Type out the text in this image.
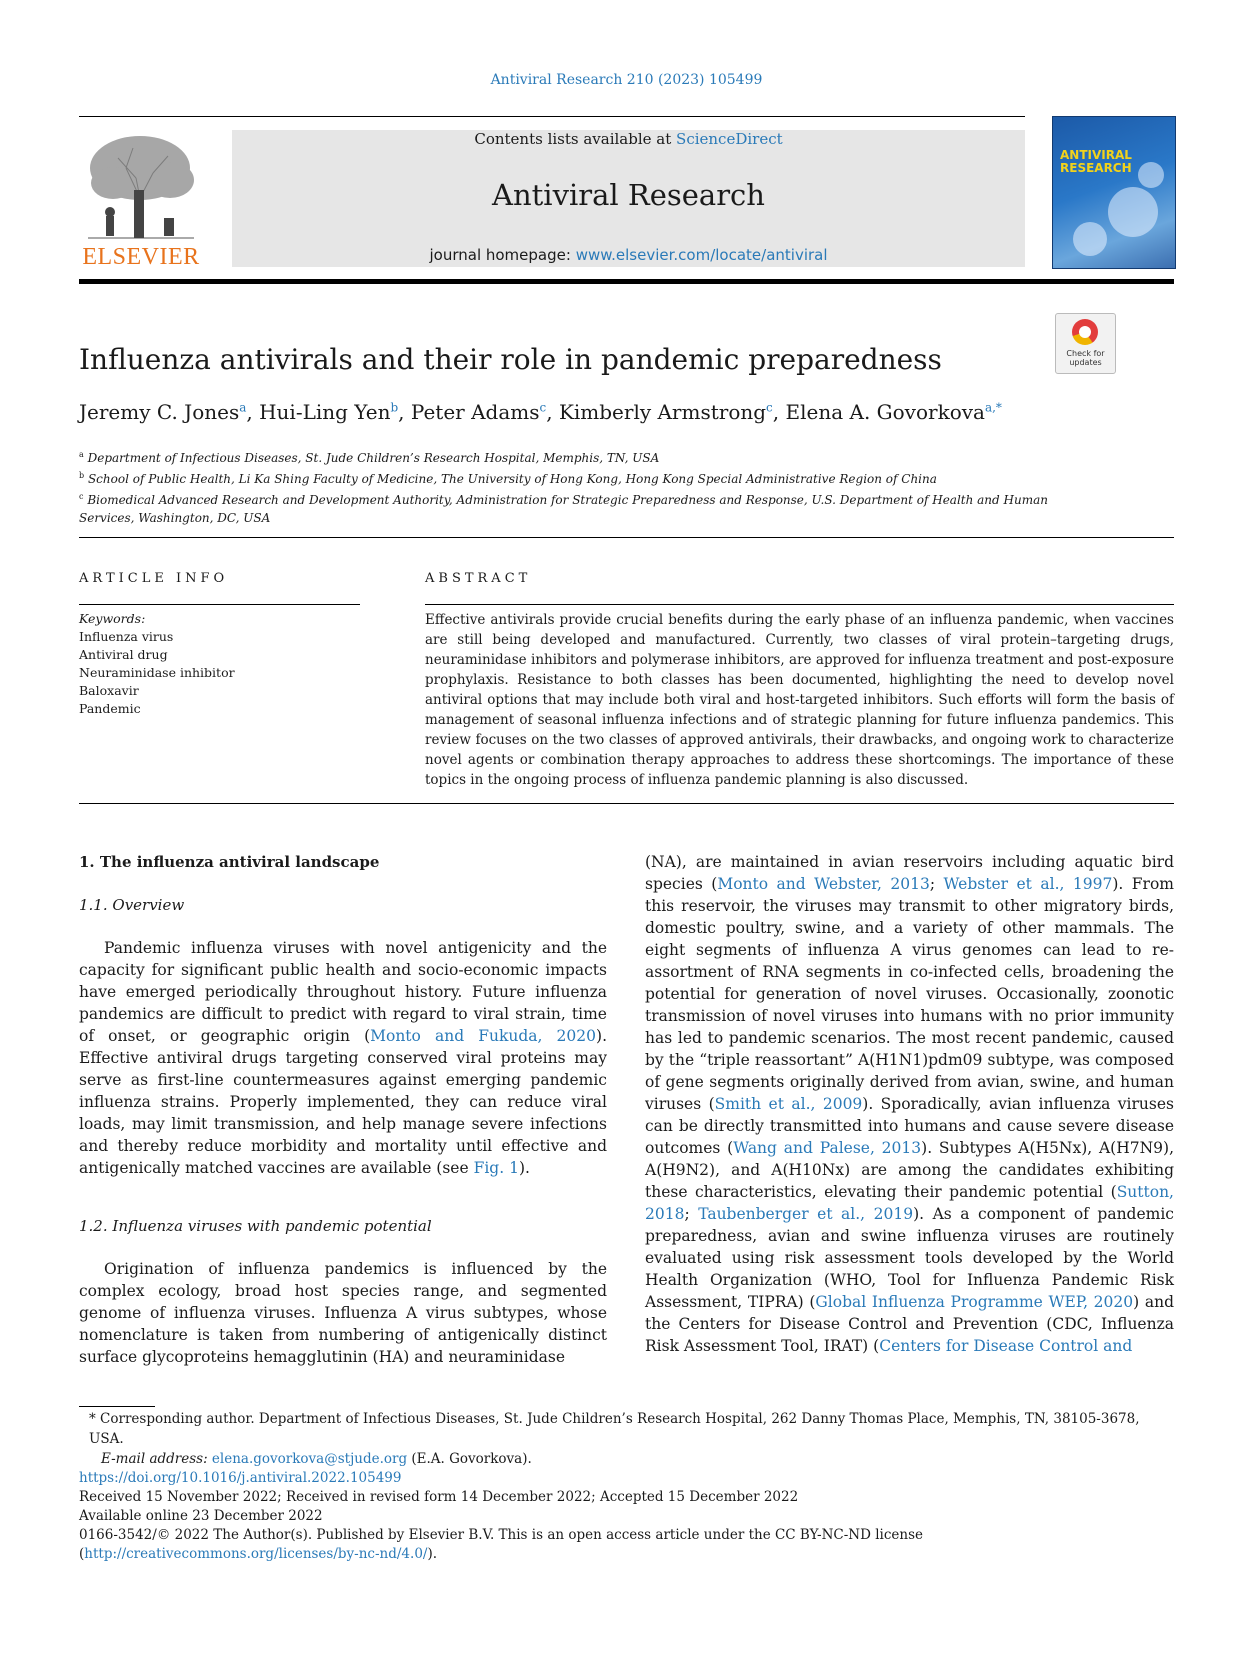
Antiviral Research 210 (2023) 105499
ELSEVIER
Contents lists available at ScienceDirect
Antiviral Research
journal homepage: www.elsevier.com/locate/antiviral
ANTIVIRAL
RESEARCH
Check for
updates
Influenza antivirals and their role in pandemic preparedness
Jeremy C. Jones$^a$, Hui-Ling Yen$^b$, Peter Adams$^c$, Kimberly Armstrong$^c$, Elena A. Govorkova$^{a,*}$
$^a$ Department of Infectious Diseases, St. Jude Children’s Research Hospital, Memphis, TN, USA
$^b$ School of Public Health, Li Ka Shing Faculty of Medicine, The University of Hong Kong, Hong Kong Special Administrative Region of China
$^c$ Biomedical Advanced Research and Development Authority, Administration for Strategic Preparedness and Response, U.S. Department of Health and Human Services, Washington, DC, USA
ARTICLE INFO
Keywords:
Influenza virus
Antiviral drug
Neuraminidase inhibitor
Baloxavir
Pandemic
ABSTRACT
Effective antivirals provide crucial benefits during the early phase of an influenza pandemic, when vaccines are still being developed and manufactured. Currently, two classes of viral protein–targeting drugs, neuraminidase inhibitors and polymerase inhibitors, are approved for influenza treatment and post-exposure prophylaxis. Resistance to both classes has been documented, highlighting the need to develop novel antiviral options that may include both viral and host-targeted inhibitors. Such efforts will form the basis of management of seasonal influenza infections and of strategic planning for future influenza pandemics. This review focuses on the two classes of approved antivirals, their drawbacks, and ongoing work to characterize novel agents or combination therapy approaches to address these shortcomings. The importance of these topics in the ongoing process of influenza pandemic planning is also discussed.

1. The influenza antiviral landscape

1.1. Overview

Pandemic influenza viruses with novel antigenicity and the capacity for significant public health and socio-economic impacts have emerged periodically throughout history. Future influenza pandemics are difficult to predict with regard to viral strain, time of onset, or geographic origin (Monto and Fukuda, 2020). Effective antiviral drugs targeting conserved viral proteins may serve as first-line countermeasures against emerging pandemic influenza strains. Properly implemented, they can reduce viral loads, may limit transmission, and help manage severe infections and thereby reduce morbidity and mortality until effective and antigenically matched vaccines are available (see Fig. 1).

1.2. Influenza viruses with pandemic potential

Origination of influenza pandemics is influenced by the complex ecology, broad host species range, and segmented genome of influenza viruses. Influenza A virus subtypes, whose nomenclature is taken from numbering of antigenically distinct surface glycoproteins hemagglutinin (HA) and neuraminidase

(NA), are maintained in avian reservoirs including aquatic bird species (Monto and Webster, 2013; Webster et al., 1997). From this reservoir, the viruses may transmit to other migratory birds, domestic poultry, swine, and a variety of other mammals. The eight segments of influenza A virus genomes can lead to re-assortment of RNA segments in co-infected cells, broadening the potential for generation of novel viruses. Occasionally, zoonotic transmission of novel viruses into humans with no prior immunity has led to pandemic scenarios. The most recent pandemic, caused by the “triple reassortant” A(H1N1)pdm09 subtype, was composed of gene segments originally derived from avian, swine, and human viruses (Smith et al., 2009). Sporadically, avian influenza viruses can be directly transmitted into humans and cause severe disease outcomes (Wang and Palese, 2013). Subtypes A(H5Nx), A(H7N9), A(H9N2), and A(H10Nx) are among the candidates exhibiting these characteristics, elevating their pandemic potential (Sutton, 2018; Taubenberger et al., 2019). As a component of pandemic preparedness, avian and swine influenza viruses are routinely evaluated using risk assessment tools developed by the World Health Organization (WHO, Tool for Influenza Pandemic Risk Assessment, TIPRA) (Global Influenza Programme WEP, 2020) and the Centers for Disease Control and Prevention (CDC, Influenza Risk Assessment Tool, IRAT) (Centers for Disease Control and

* Corresponding author. Department of Infectious Diseases, St. Jude Children’s Research Hospital, 262 Danny Thomas Place, Memphis, TN, 38105-3678, USA.
E-mail address: elena.govorkova@stjude.org (E.A. Govorkova).
https://doi.org/10.1016/j.antiviral.2022.105499
Received 15 November 2022; Received in revised form 14 December 2022; Accepted 15 December 2022
Available online 23 December 2022
0166-3542/© 2022 The Author(s). Published by Elsevier B.V. This is an open access article under the CC BY-NC-ND license (http://creativecommons.org/licenses/by-nc-nd/4.0/).
